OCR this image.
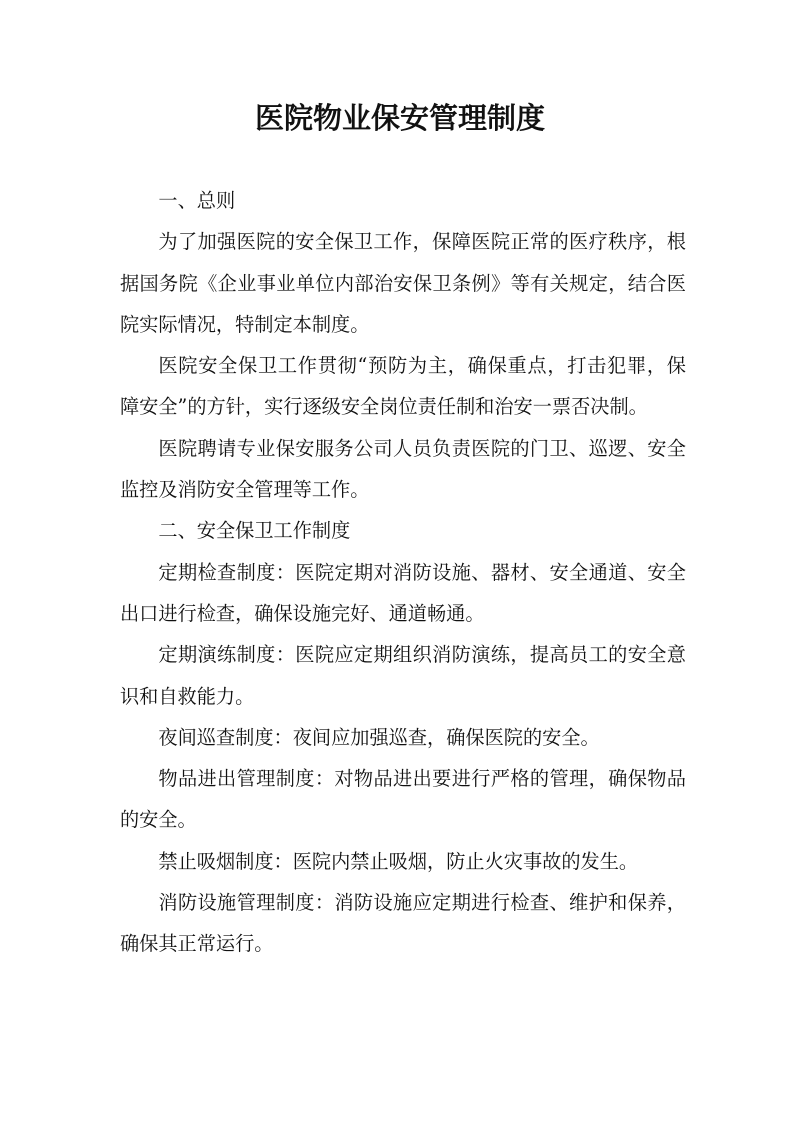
医院物业保安管理制度

一、总则

为了加强医院的安全保卫工作，保障医院正常的医疗秩序，根据国务院《企业事业单位内部治安保卫条例》等有关规定，结合医院实际情况，特制定本制度。

医院安全保卫工作贯彻“预防为主，确保重点，打击犯罪，保障安全”的方针，实行逐级安全岗位责任制和治安一票否决制。

医院聘请专业保安服务公司人员负责医院的门卫、巡逻、安全监控及消防安全管理等工作。

二、安全保卫工作制度

定期检查制度：医院定期对消防设施、器材、安全通道、安全出口进行检查，确保设施完好、通道畅通。

定期演练制度：医院应定期组织消防演练，提高员工的安全意识和自救能力。

夜间巡查制度：夜间应加强巡查，确保医院的安全。

物品进出管理制度：对物品进出要进行严格的管理，确保物品的安全。

禁止吸烟制度：医院内禁止吸烟，防止火灾事故的发生。

消防设施管理制度：消防设施应定期进行检查、维护和保养，确保其正常运行。
